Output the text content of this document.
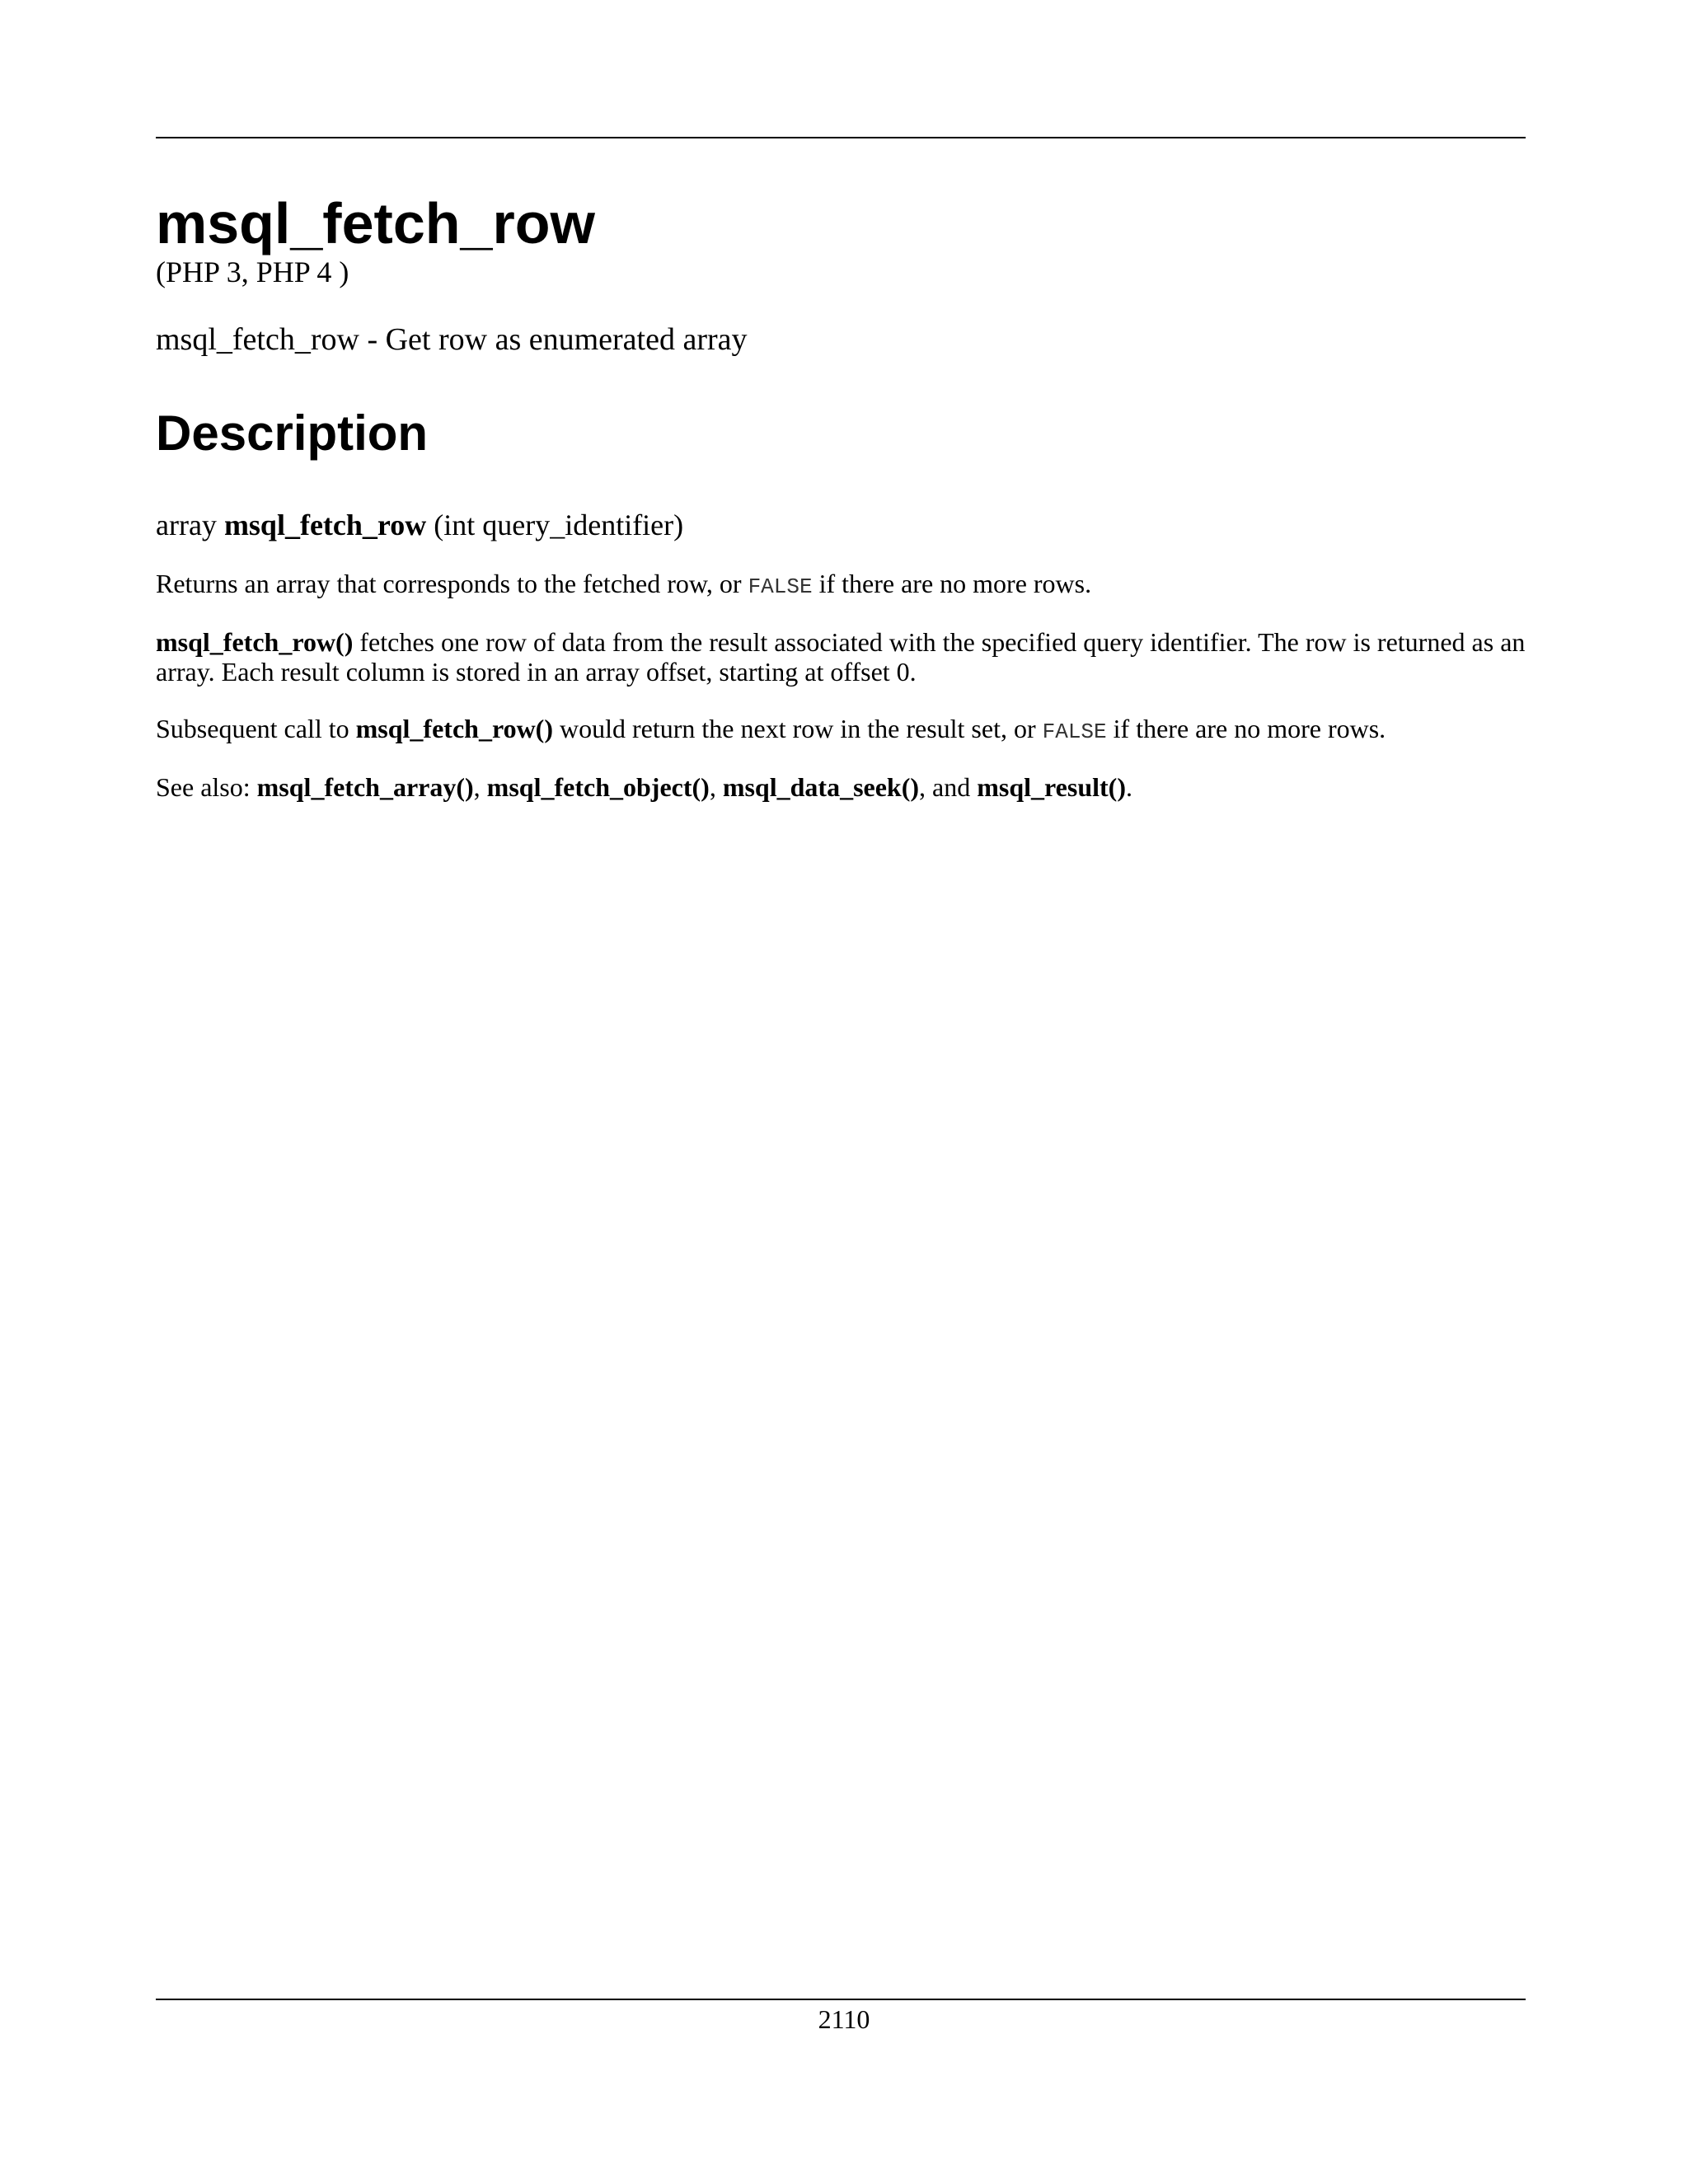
msql_fetch_row
(PHP 3, PHP 4 )
msql_fetch_row - Get row as enumerated array
Description
array msql_fetch_row (int query_identifier)

Returns an array that corresponds to the fetched row, or FALSE if there are no more rows.

msql_fetch_row() fetches one row of data from the result associated with the specified query identifier. The row is returned as an array. Each result column is stored in an array offset, starting at offset 0.

Subsequent call to msql_fetch_row() would return the next row in the result set, or FALSE if there are no more rows.

See also: msql_fetch_array(), msql_fetch_object(), msql_data_seek(), and msql_result().

2110
